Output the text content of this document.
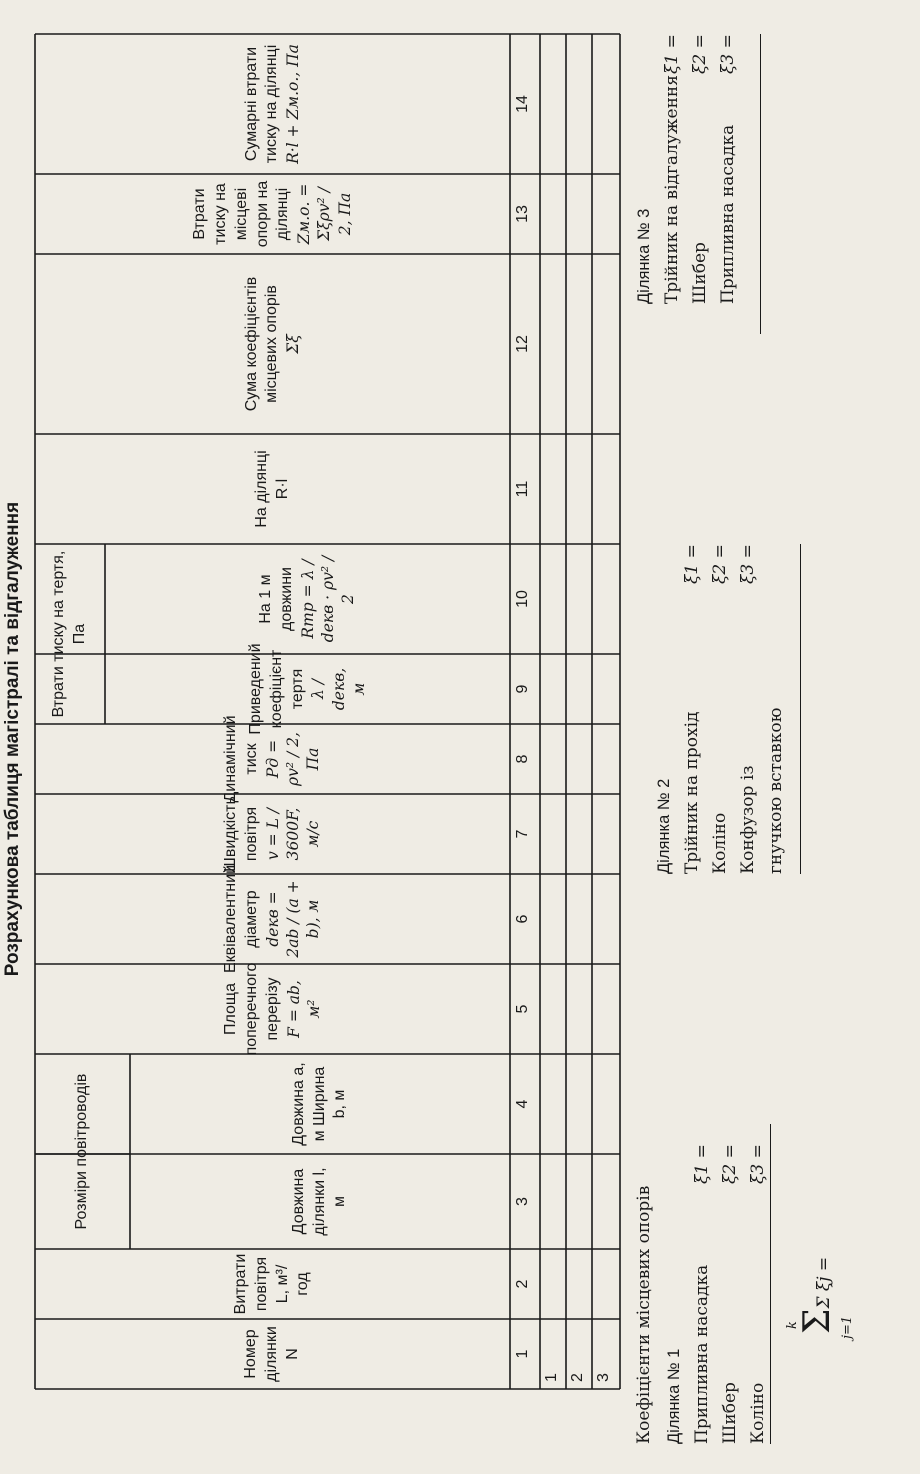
Розрахункова таблиця магістралі та відгалуження
Розміри повітроводів
Втрати тиску на тертя, Па
Номер ділянки N
Витрати повітря L, м³/год
Довжина ділянки l, м
Довжина a, м Ширина b, м
Площа поперечного перерізу F = ab, м²
Еквівалентний діаметр dекв = 2ab / (a + b), м
Швидкість повітря v = L / 3600F, м/с
Динамічний тиск Pд = ρv² / 2, Па
Приведений коефіцієнт тертя λ / dекв, м
На 1 м довжини Rтр = λ / dекв · ρv² / 2
На ділянці R·l
Сума коефіцієнтів місцевих опорів Σξ
Втрати тиску на місцеві опори на ділянці Zм.о. = Σξρv² / 2, Па
Сумарні втрати тиску на ділянці R·l + Zм.о., Па
1
2
3
4
5
6
7
8
9
10
11
12
13
14
1 2 3 Коефіцієнти місцевих опорів Ділянка № 1 Припливна насадка Шибер Коліно
ξ1 = ξ2 = ξ3 =
ΣΣ ξj =
k	j=1
Ділянка № 2 Трійник на прохід Коліно Конфузор із гнучкою вставкою
ξ1 = ξ2 = ξ3 =
Ділянка № 3 Трійник на відгалуження Шибер Припливна насадка
ξ1 = ξ2 = ξ3 =
